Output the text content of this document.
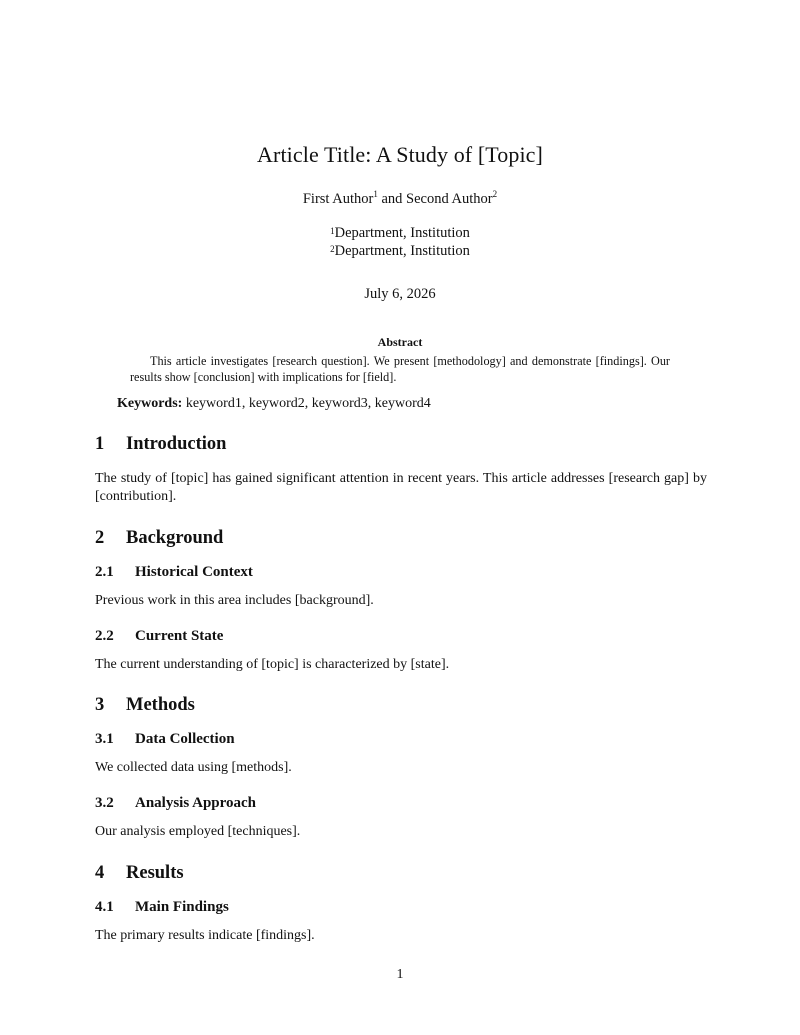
Article Title: A Study of [Topic]
First Author$^1$ and Second Author$^2$
$^1$Department, Institution
$^2$Department, Institution
July 6, 2026
Abstract
This article investigates [research question]. We present [methodology] and demonstrate [findings]. Our results show [conclusion] with implications for [field].
Keywords: keyword1, keyword2, keyword3, keyword4
1 Introduction
The study of [topic] has gained significant attention in recent years. This article addresses [research gap] by [contribution].
2 Background
2.1 Historical Context
Previous work in this area includes [background].
2.2 Current State
The current understanding of [topic] is characterized by [state].
3 Methods
3.1 Data Collection
We collected data using [methods].
3.2 Analysis Approach
Our analysis employed [techniques].
4 Results
4.1 Main Findings
The primary results indicate [findings].
1
